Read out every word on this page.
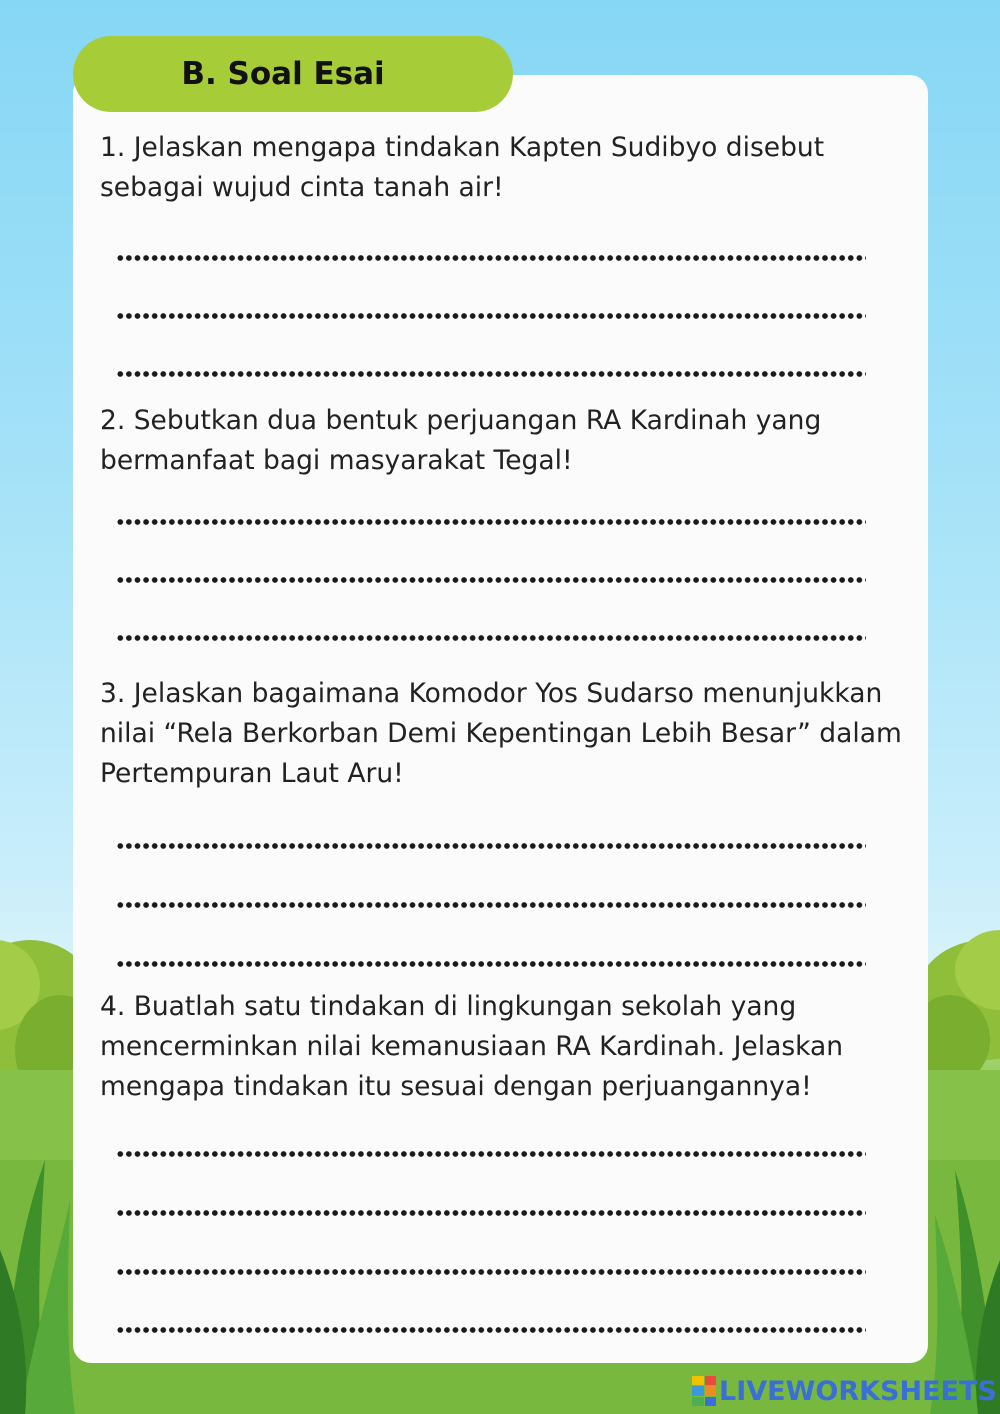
B. Soal Esai
1. Jelaskan mengapa tindakan Kapten Sudibyo disebut sebagai wujud cinta tanah air!
2. Sebutkan dua bentuk perjuangan RA Kardinah yang bermanfaat bagi masyarakat Tegal!
3. Jelaskan bagaimana Komodor Yos Sudarso menunjukkan nilai “Rela Berkorban Demi Kepentingan Lebih Besar” dalam Pertempuran Laut Aru!
4. Buatlah satu tindakan di lingkungan sekolah yang mencerminkan nilai kemanusiaan RA Kardinah. Jelaskan mengapa tindakan itu sesuai dengan perjuangannya!
LIVEWORKSHEETS
